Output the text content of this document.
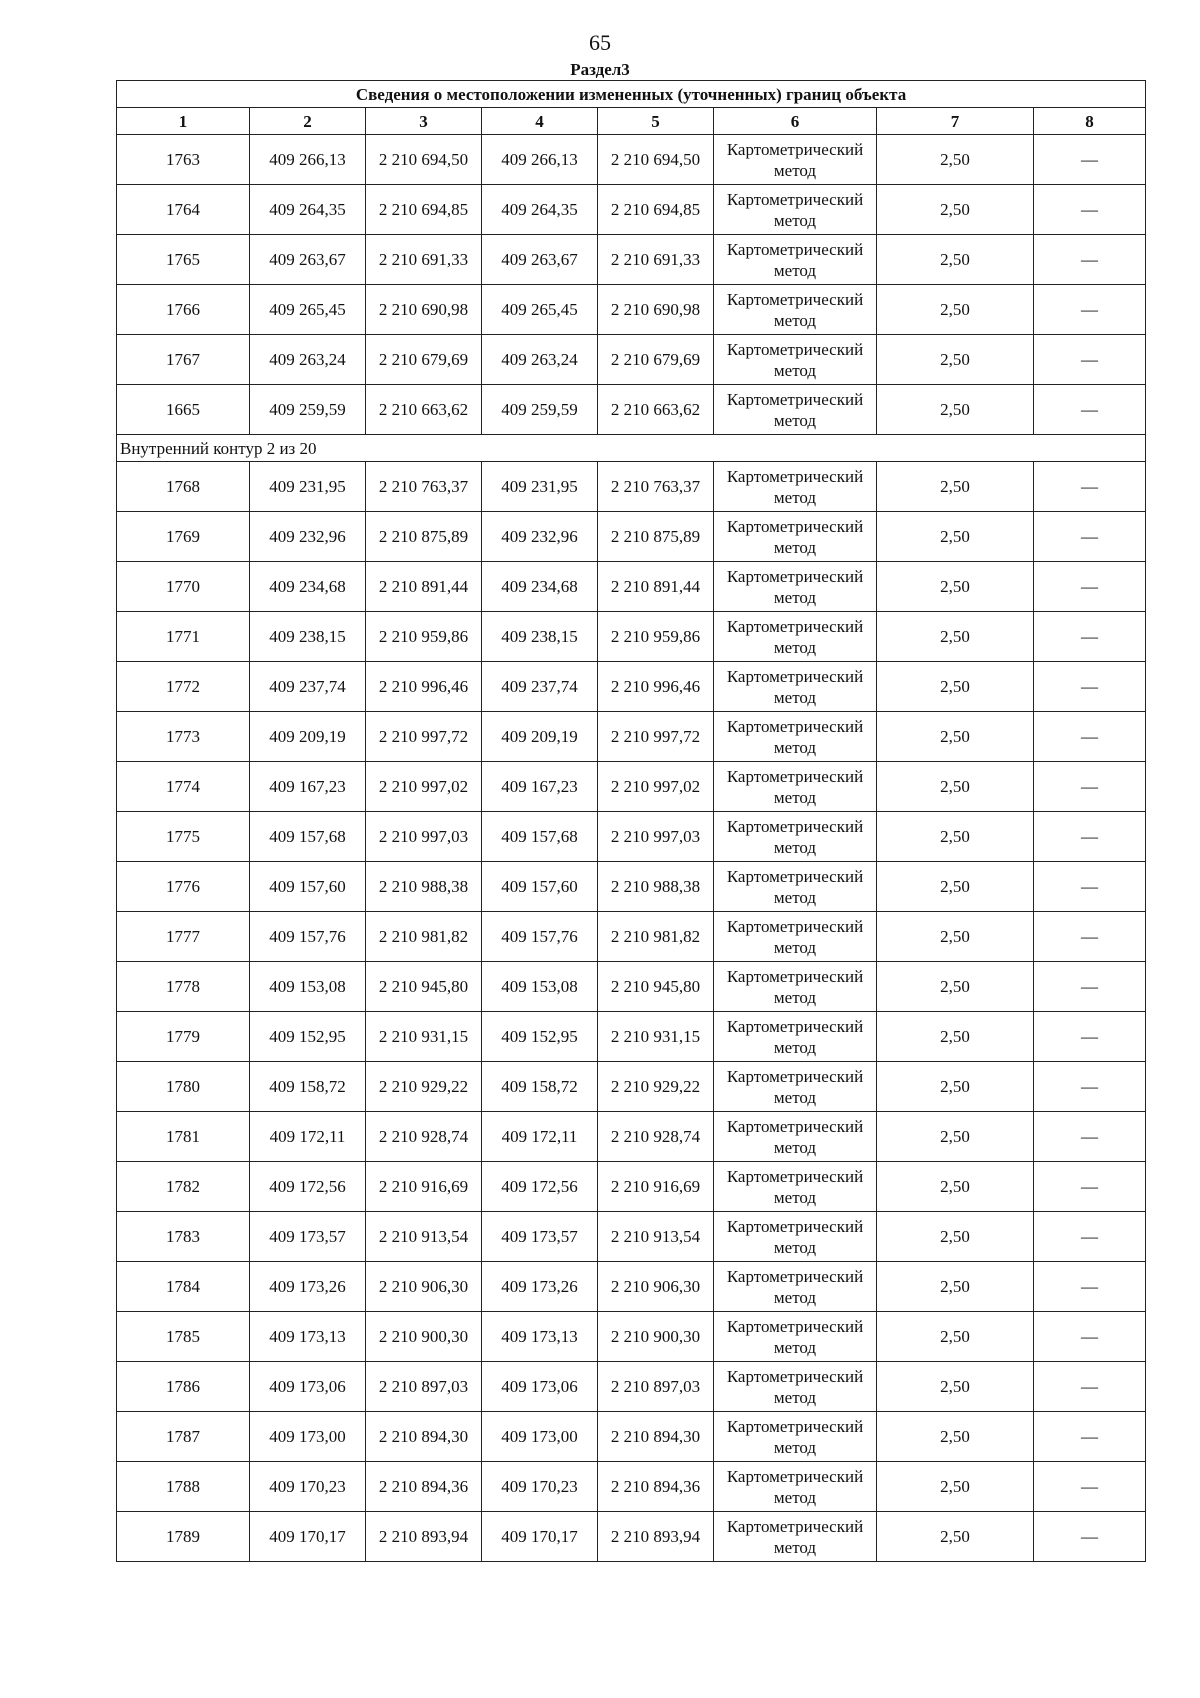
65
Раздел3
Сведения о местоположении измененных (уточненных) границ объекта							
1	2	3	4	5	6	7	8
1763	409 266,13	2 210 694,50	409 266,13	2 210 694,50	Картометрический метод	2,50	—
1764	409 264,35	2 210 694,85	409 264,35	2 210 694,85	Картометрический метод	2,50	—
1765	409 263,67	2 210 691,33	409 263,67	2 210 691,33	Картометрический метод	2,50	—
1766	409 265,45	2 210 690,98	409 265,45	2 210 690,98	Картометрический метод	2,50	—
1767	409 263,24	2 210 679,69	409 263,24	2 210 679,69	Картометрический метод	2,50	—
1665	409 259,59	2 210 663,62	409 259,59	2 210 663,62	Картометрический метод	2,50	—
Внутренний контур 2 из 20							
1768	409 231,95	2 210 763,37	409 231,95	2 210 763,37	Картометрический метод	2,50	—
1769	409 232,96	2 210 875,89	409 232,96	2 210 875,89	Картометрический метод	2,50	—
1770	409 234,68	2 210 891,44	409 234,68	2 210 891,44	Картометрический метод	2,50	—
1771	409 238,15	2 210 959,86	409 238,15	2 210 959,86	Картометрический метод	2,50	—
1772	409 237,74	2 210 996,46	409 237,74	2 210 996,46	Картометрический метод	2,50	—
1773	409 209,19	2 210 997,72	409 209,19	2 210 997,72	Картометрический метод	2,50	—
1774	409 167,23	2 210 997,02	409 167,23	2 210 997,02	Картометрический метод	2,50	—
1775	409 157,68	2 210 997,03	409 157,68	2 210 997,03	Картометрический метод	2,50	—
1776	409 157,60	2 210 988,38	409 157,60	2 210 988,38	Картометрический метод	2,50	—
1777	409 157,76	2 210 981,82	409 157,76	2 210 981,82	Картометрический метод	2,50	—
1778	409 153,08	2 210 945,80	409 153,08	2 210 945,80	Картометрический метод	2,50	—
1779	409 152,95	2 210 931,15	409 152,95	2 210 931,15	Картометрический метод	2,50	—
1780	409 158,72	2 210 929,22	409 158,72	2 210 929,22	Картометрический метод	2,50	—
1781	409 172,11	2 210 928,74	409 172,11	2 210 928,74	Картометрический метод	2,50	—
1782	409 172,56	2 210 916,69	409 172,56	2 210 916,69	Картометрический метод	2,50	—
1783	409 173,57	2 210 913,54	409 173,57	2 210 913,54	Картометрический метод	2,50	—
1784	409 173,26	2 210 906,30	409 173,26	2 210 906,30	Картометрический метод	2,50	—
1785	409 173,13	2 210 900,30	409 173,13	2 210 900,30	Картометрический метод	2,50	—
1786	409 173,06	2 210 897,03	409 173,06	2 210 897,03	Картометрический метод	2,50	—
1787	409 173,00	2 210 894,30	409 173,00	2 210 894,30	Картометрический метод	2,50	—
1788	409 170,23	2 210 894,36	409 170,23	2 210 894,36	Картометрический метод	2,50	—
1789	409 170,17	2 210 893,94	409 170,17	2 210 893,94	Картометрический метод	2,50	—
